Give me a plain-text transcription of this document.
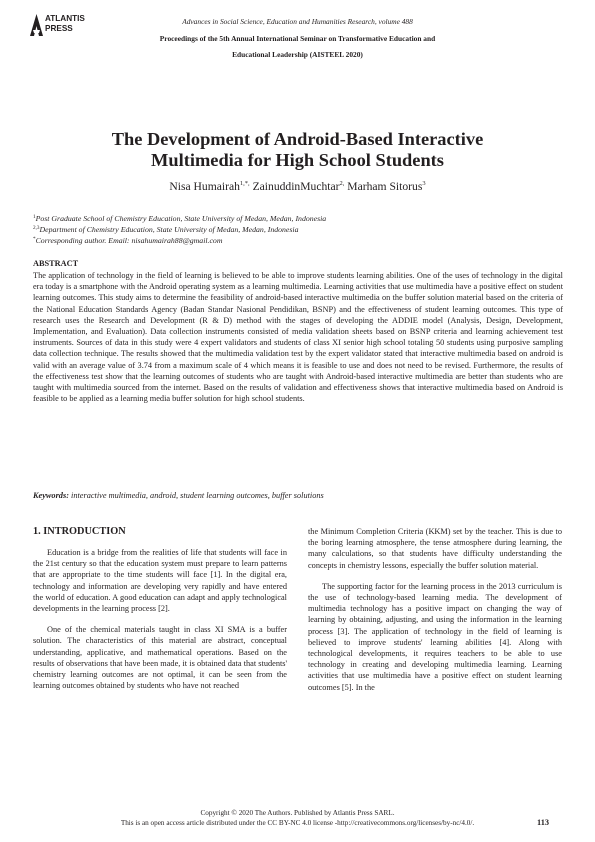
ATLANTIS
PRESS
Advances in Social Science, Education and Humanities Research, volume 488
Proceedings of the 5th Annual International Seminar on Transformative Education and
Educational Leadership (AISTEEL 2020)
The Development of Android-Based Interactive
Multimedia for High School Students
Nisa Humairah$^{1,*,}$ ZainuddinMuchtar$^{2,}$ Marham Sitorus$^3$
$^1$Post Graduate School of Chemistry Education, State University of Medan, Medan, Indonesia
$^{2,3}$Department of Chemistry Education, State University of Medan, Medan, Indonesia
*Corresponding author. Email: nisahumairah88@gmail.com
ABSTRACT
The application of technology in the field of learning is believed to be able to improve students learning abilities. One of the uses of technology in the digital era today is a smartphone with the Android operating system as a learning multimedia. Learning activities that use multimedia have a positive effect on student learning outcomes. This study aims to determine the feasibility of android-based interactive multimedia on the buffer solution material based on the criteria of the National Education Standards Agency (Badan Standar Nasional Pendidikan, BSNP) and the effectiveness of student learning outcomes. This type of research uses the Research and Development (R & D) method with the stages of developing the ADDIE model (Analysis, Design, Development, Implementation, and Evaluation). Data collection instruments consisted of media validation sheets based on BSNP criteria and learning achievement test instruments. Sources of data in this study were 4 expert validators and students of class XI senior high school totaling 50 students using purposive sampling data collection technique. The results showed that the multimedia validation test by the expert validator stated that interactive multimedia based on android is valid with an average value of 3.74 from a maximum scale of 4 which means it is feasible to use and does not need to be revised. Furthermore, the results of the effectiveness test show that the learning outcomes of students who are taught with Android-based interactive multimedia are better than students who are taught with multimedia sourced from the internet. Based on the results of validation and effectiveness shows that interactive multimedia based on Android is feasible to be applied as a learning media buffer solution for high school students.
Keywords: interactive multimedia, android, student learning outcomes, buffer solutions
1. INTRODUCTION

Education is a bridge from the realities of life that students will face in the 21st century so that the education system must prepare to learn patterns that are appropriate to the time students will face [1]. In the digital era, technology and information are developing very rapidly and have entered the world of education. A good education can adapt and apply technological developments in the learning process [2].

One of the chemical materials taught in class XI SMA is a buffer solution. The characteristics of this material are abstract, conceptual understanding, applicative, and mathematical operations. Based on the results of observations that have been made, it is obtained data that students' chemistry learning outcomes are not optimal, it can be seen from the learning outcomes obtained by students who have not reached

the Minimum Completion Criteria (KKM) set by the teacher. This is due to the boring learning atmosphere, the tense atmosphere during learning, the many calculations, so that students have difficulty understanding the concepts in chemistry lessons, especially the buffer solution material.

The supporting factor for the learning process in the 2013 curriculum is the use of technology-based learning media. The development of multimedia technology has a positive impact on changing the way of learning by obtaining, adjusting, and using the information in the learning process [3]. The application of technology in the field of learning is believed to improve students' learning abilities [4]. Along with technological developments, it requires teachers to be able to use technology in creating and developing multimedia learning. Learning activities that use multimedia have a positive effect on student learning outcomes [5]. In the

Copyright © 2020 The Authors. Published by Atlantis Press SARL.
This is an open access article distributed under the CC BY-NC 4.0 license -http://creativecommons.org/licenses/by-nc/4.0/.	113
